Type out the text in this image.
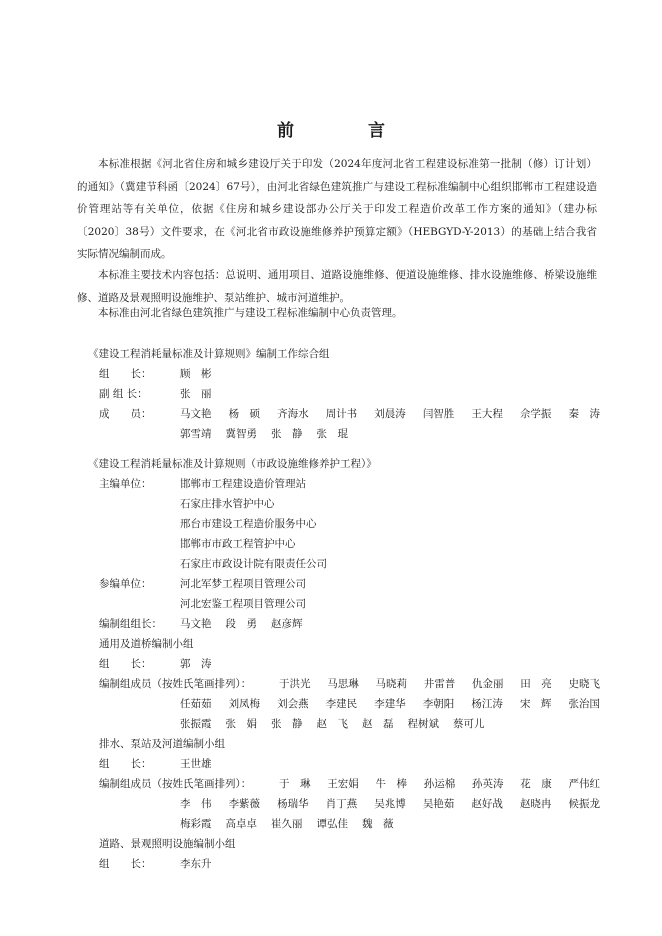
前 言

本标准根据《河北省住房和城乡建设厅关于印发（2024年度河北省工程建设标准第一批制（修）订计划） 的通知》（冀建节科函〔2024〕67号），由河北省绿色建筑推广与建设工程标准编制中心组织邯郸市工程建设造价管理站等有关单位，依据《住房和城乡建设部办公厅关于印发工程造价改革工作方案的通知》（建办标〔2020〕38号）文件要求，在《河北省市政设施维修养护预算定额》（HEBGYD-Y-2013）的基础上结合我省实际情况编制而成。

本标准主要技术内容包括：总说明、通用项目、道路设施维修、便道设施维修、排水设施维修、桥梁设施维修、道路及景观照明设施维护、泵站维护、城市河道维护。

本标准由河北省绿色建筑推广与建设工程标准编制中心负责管理。

《建设工程消耗量标准及计算规则》编制工作综合组
组　　长：	顾　彬
副 组 长：	张　丽
成　　员：	马文艳 杨　硕 齐海水 周计书 刘晨涛 闫智胜 王大程 佘学振 秦　涛
郭雪靖 冀智勇 张　静 张　琨
《建设工程消耗量标准及计算规则（市政设施维修养护工程）》
主编单位：	邯郸市工程建设造价管理站
石家庄排水管护中心
邢台市建设工程造价服务中心
邯郸市市政工程管护中心
石家庄市政设计院有限责任公司
参编单位：	河北军梦工程项目管理公司
河北宏鉴工程项目管理公司
编制组组长： 马文艳 段　勇 赵彦辉
通用及道桥编制小组
组　　长：	郭　涛
编制组成员（按姓氏笔画排列）：	于洪光 马思琳 马晓莉 井雷普 仇金丽 田　亮 史晓飞
任茹茹 刘凤梅 刘会燕 李建民 李建华 李朝阳 杨江涛 宋　辉 张治国
张振霞 张　娟 张　静 赵　飞 赵　磊 程树斌 蔡可儿
排水、泵站及河道编制小组
组　　长：	王世雄
编制组成员（按姓氏笔画排列）：	于　琳 王宏娟 牛　棒 孙运棉 孙英涛 花　康 严伟红
李　伟 李紫薇 杨瑞华 肖丁燕 吴兆博 吴艳茹 赵好战 赵晓冉 候振龙
梅彩霞 高卓卓 崔久丽 谭弘佳 魏　薇
道路、景观照明设施编制小组
组　　长：	李东升
